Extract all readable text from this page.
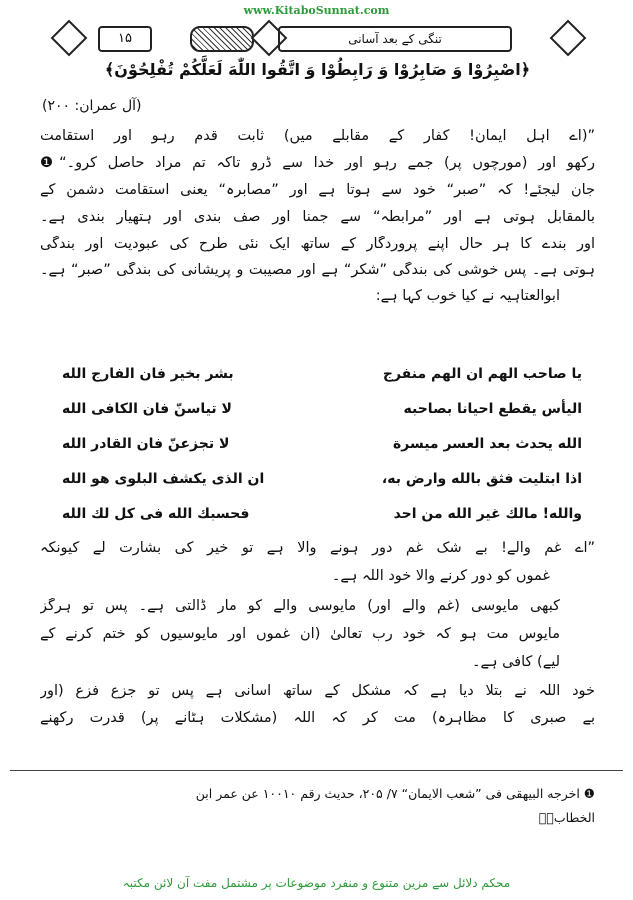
www.KitaboSunnat.com
۱۵	تنگی کے بعد آسانی
﴿اصْبِرُوْا وَ صَابِرُوْا وَ رَابِطُوْا وَ اتَّقُوا اللّٰهَ لَعَلَّكُمْ تُفْلِحُوْنَ﴾
(آل عمران: ۲۰۰)
”(اے اہل ایمان! کفار کے مقابلے میں) ثابت قدم رہو اور استقامت
رکھو اور (مورچوں پر) جمے رہو اور خدا سے ڈرو تاکہ تم مراد حاصل کرو۔“❶
جان لیجئے! کہ ”صبر“ خود سے ہوتا ہے اور ”مصابرہ“ یعنی استقامت دشمن کے
بالمقابل ہوتی ہے اور ”مرابطہ“ سے جمنا اور صف بندی اور ہتھیار بندی ہے۔
اور بندے کا ہر حال اپنے پروردگار کے ساتھ ایک نئی طرح کی عبودیت اور بندگی
ہوتی ہے۔ پس خوشی کی بندگی ”شکر“ ہے اور مصیبت و پریشانی کی بندگی ”صبر“ ہے۔
ابوالعتاہیہ نے کیا خوب کہا ہے:
يا صاحب الهم ان الهم منفرج
بشر بخير فان الفارج الله
اليأس يقطع احيانا بصاحبه
لا تياسنّ فان الكافى الله
الله يحدث بعد العسر ميسرة
لا تجزعنّ فان القادر الله
اذا ابتليت فثق بالله وارض به،
ان الذى يكشف البلوى هو الله
والله! مالك غير الله من احد
فحسبك الله فى كل لك الله
”اے غم والے! بے شک غم دور ہونے والا ہے تو خیر کی بشارت لے کیونکہ
غموں کو دور کرنے والا خود اللہ ہے۔
کبھی مایوسی (غم والے اور) مایوسی والے کو مار ڈالتی ہے۔ پس تو ہرگز
مایوس مت ہو کہ خود رب تعالیٰ (ان غموں اور مایوسیوں کو ختم کرنے کے
لیے) کافی ہے۔
خود اللہ نے بتلا دیا ہے کہ مشکل کے ساتھ آسانی ہے پس تو جزع فزع (اور
بے صبری کا مظاہرہ) مت کر کہ اللہ (مشکلات ہٹانے پر) قدرت رکھنے
❶ اخرجه البيهقى فى ”شعب الايمان“ ۷/ ۲۰۵، حديث رقم ۱۰۰۱۰ عن عمر ابن
الخطابؓ۔
محکم دلائل سے مزین متنوع و منفرد موضوعات پر مشتمل مفت آن لائن مکتبہ
